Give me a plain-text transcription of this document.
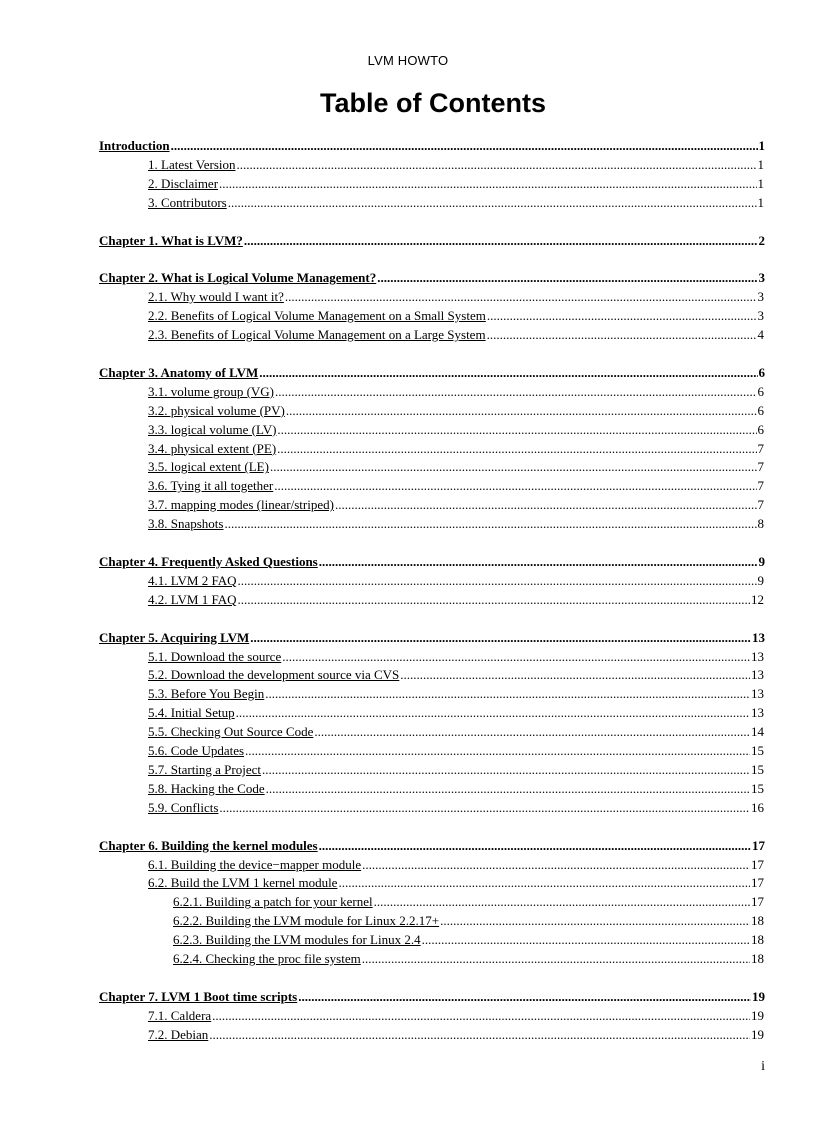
LVM HOWTO
Table of Contents
Introduction .....	1
1. Latest Version .....	1
2. Disclaimer .....	1
3. Contributors .....	1
Chapter 1. What is LVM? .....	2
Chapter 2. What is Logical Volume Management? .....	3
2.1. Why would I want it? .....	3
2.2. Benefits of Logical Volume Management on a Small System .....	3
2.3. Benefits of Logical Volume Management on a Large System .....	4
Chapter 3. Anatomy of LVM .....	6
3.1. volume group (VG) .....	6
3.2. physical volume (PV) .....	6
3.3. logical volume (LV) .....	6
3.4. physical extent (PE) .....	7
3.5. logical extent (LE) .....	7
3.6. Tying it all together .....	7
3.7. mapping modes (linear/striped) .....	7
3.8. Snapshots .....	8
Chapter 4. Frequently Asked Questions .....	9
4.1. LVM 2 FAQ .....	9
4.2. LVM 1 FAQ .....	12
Chapter 5. Acquiring LVM .....	13
5.1. Download the source .....	13
5.2. Download the development source via CVS .....	13
5.3. Before You Begin .....	13
5.4. Initial Setup .....	13
5.5. Checking Out Source Code .....	14
5.6. Code Updates .....	15
5.7. Starting a Project .....	15
5.8. Hacking the Code .....	15
5.9. Conflicts .....	16
Chapter 6. Building the kernel modules .....	17
6.1. Building the device−mapper module .....	17
6.2. Build the LVM 1 kernel module .....	17
6.2.1. Building a patch for your kernel .....	17
6.2.2. Building the LVM module for Linux 2.2.17+ .....	18
6.2.3. Building the LVM modules for Linux 2.4 .....	18
6.2.4. Checking the proc file system .....	18
Chapter 7. LVM 1 Boot time scripts .....	19
7.1. Caldera .....	19
7.2. Debian .....	19
i
